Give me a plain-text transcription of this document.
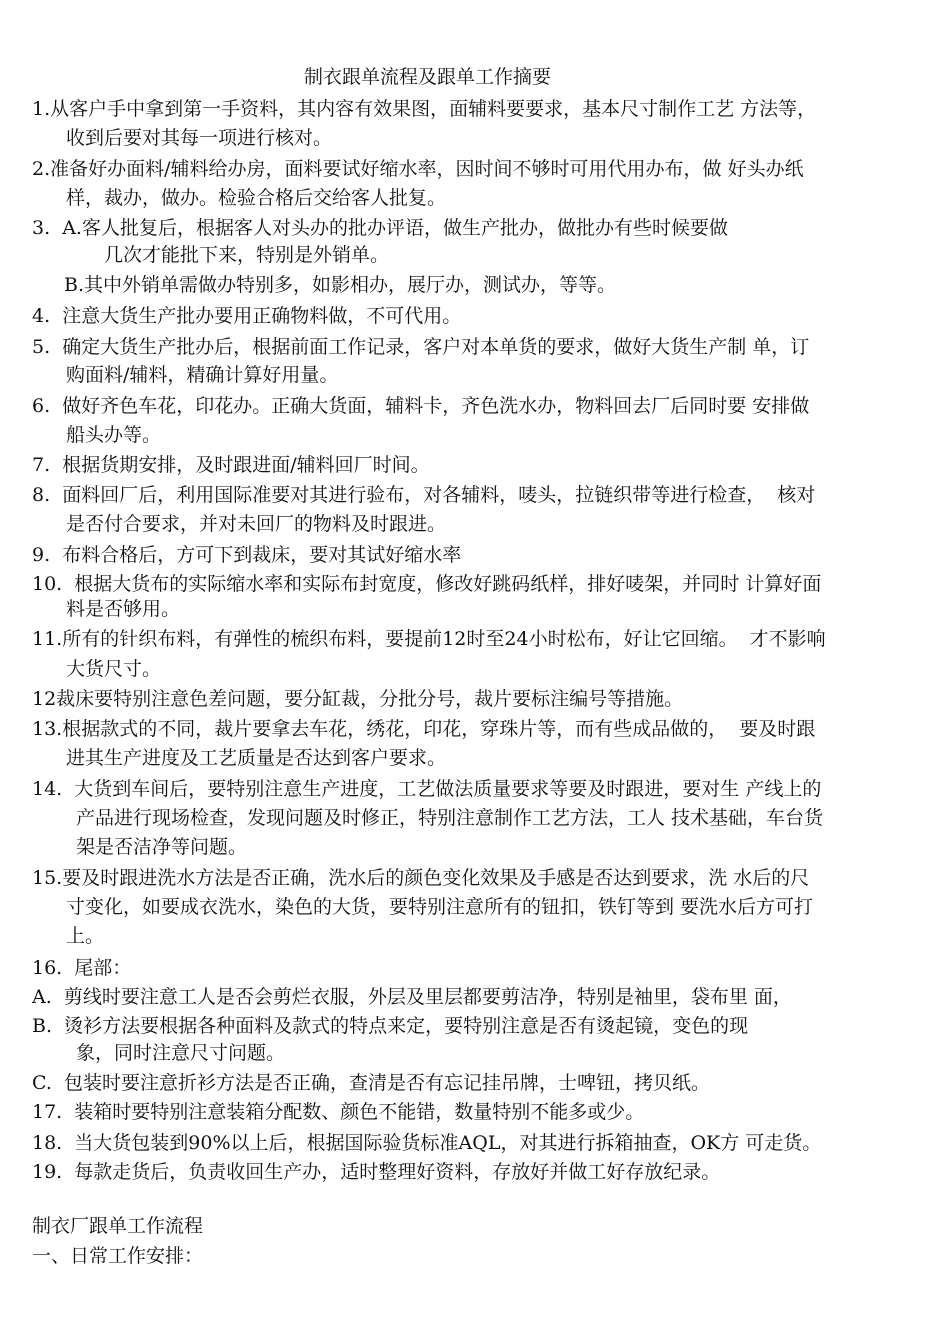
制衣跟单流程及跟单工作摘要
1.从客户手中拿到第一手资料，其内容有效果图，面辅料要要求，基本尺寸制作工艺 方法等，
收到后要对其每一项进行核对。
2.准备好办面料/辅料给办房，面料要试好缩水率，因时间不够时可用代用办布，做 好头办纸
样，裁办，做办。检验合格后交给客人批复。
3.  A.客人批复后，根据客人对头办的批办评语，做生产批办，做批办有些时候要做
几次才能批下来，特别是外销单。
B.其中外销单需做办特别多，如影相办，展厅办，测试办，等等。
4.  注意大货生产批办要用正确物料做，不可代用。
5.  确定大货生产批办后，根据前面工作记录，客户对本单货的要求，做好大货生产制 单，订
购面料/辅料，精确计算好用量。
6.  做好齐色车花，印花办。正确大货面，辅料卡，齐色洗水办，物料回去厂后同时要 安排做
船头办等。
7.  根据货期安排，及时跟进面/辅料回厂时间。
8.  面料回厂后，利用国际准要对其进行验布，对各辅料，唛头，拉链织带等进行检查，  核对
是否付合要求，并对未回厂的物料及时跟进。
9.  布料合格后，方可下到裁床，要对其试好缩水率
10.  根据大货布的实际缩水率和实际布封宽度，修改好跳码纸样，排好唛架，并同时 计算好面
料是否够用。
11.所有的针织布料，有弹性的梳织布料，要提前12时至24小时松布，好让它回缩。  才不影响
大货尺寸。
12裁床要特别注意色差问题，要分缸裁，分批分号，裁片要标注编号等措施。
13.根据款式的不同，裁片要拿去车花，绣花，印花，穿珠片等，而有些成品做的，  要及时跟
进其生产进度及工艺质量是否达到客户要求。
14.  大货到车间后，要特别注意生产进度，工艺做法质量要求等要及时跟进，要对生 产线上的
产品进行现场检查，发现问题及时修正，特别注意制作工艺方法，工人 技术基础，车台货
架是否洁净等问题。
15.要及时跟进洗水方法是否正确，洗水后的颜色变化效果及手感是否达到要求，洗 水后的尺
寸变化，如要成衣洗水，染色的大货，要特别注意所有的钮扣，铁钉等到 要洗水后方可打
上。
16.  尾部：
A.  剪线时要注意工人是否会剪烂衣服，外层及里层都要剪洁净，特别是袖里，袋布里 面，
B.  烫衫方法要根据各种面料及款式的特点来定，要特别注意是否有烫起镜，变色的现
象，同时注意尺寸问题。
C.  包装时要注意折衫方法是否正确，查清是否有忘记挂吊牌，士啤钮，拷贝纸。
17.  装箱时要特别注意装箱分配数、颜色不能错，数量特别不能多或少。
18.  当大货包装到90%以上后，根据国际验货标准AQL，对其进行拆箱抽查，OK方 可走货。
19.  每款走货后，负责收回生产办，适时整理好资料，存放好并做工好存放纪录。
制衣厂跟单工作流程
一、日常工作安排：
